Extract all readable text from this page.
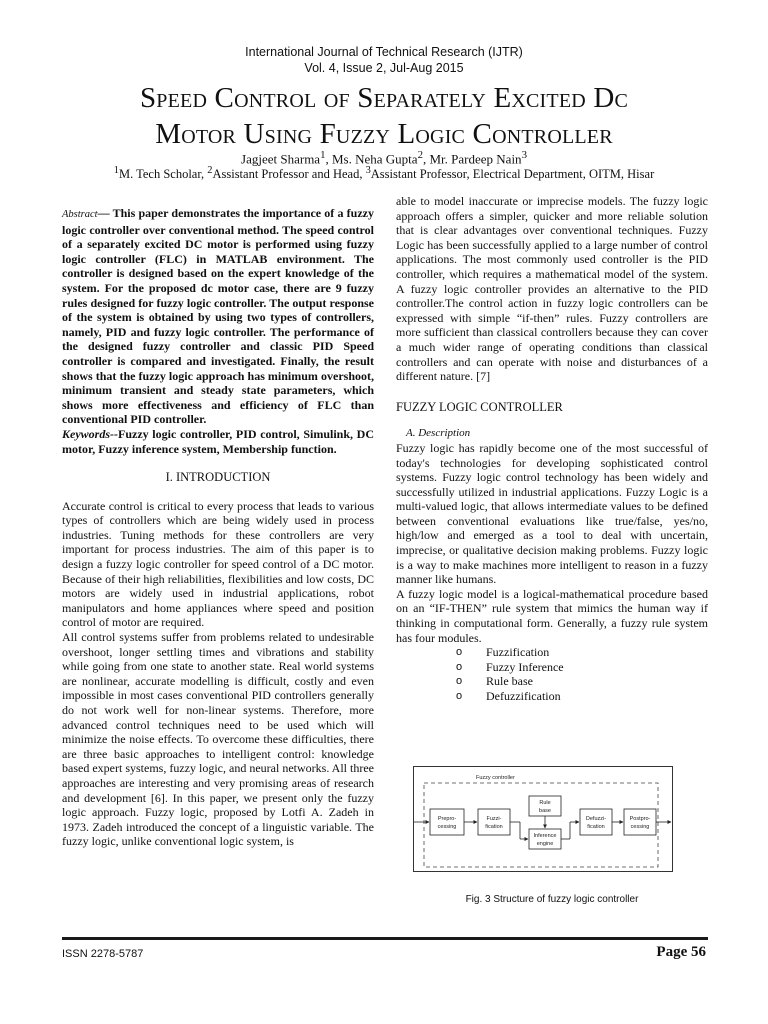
International Journal of Technical Research (IJTR)
Vol. 4, Issue 2, Jul-Aug 2015
Speed Control of Separately Excited Dc
Motor Using Fuzzy Logic Controller
Jagjeet Sharma$^1$, Ms. Neha Gupta$^2$, Mr. Pardeep Nain$^3$
$^1$M. Tech Scholar, $^2$Assistant Professor and Head, $^3$Assistant Professor, Electrical Department, OITM, Hisar

Abstract— This paper demonstrates the importance of a fuzzy logic controller over conventional method. The speed control of a separately excited DC motor is performed using fuzzy logic controller (FLC) in MATLAB environment. The controller is designed based on the expert knowledge of the system. For the proposed dc motor case, there are 9 fuzzy rules designed for fuzzy logic controller. The output response of the system is obtained by using two types of controllers, namely, PID and fuzzy logic controller. The performance of the designed fuzzy controller and classic PID Speed controller is compared and investigated. Finally, the result shows that the fuzzy logic approach has minimum overshoot, minimum transient and steady state parameters, which shows more effectiveness and efficiency of FLC than conventional PID controller.

Keywords--Fuzzy logic controller, PID control, Simulink, DC motor, Fuzzy inference system, Membership function.

I. INTRODUCTION

Accurate control is critical to every process that leads to various types of controllers which are being widely used in process industries. Tuning methods for these controllers are very important for process industries. The aim of this paper is to design a fuzzy logic controller for speed control of a DC motor. Because of their high reliabilities, flexibilities and low costs, DC motors are widely used in industrial applications, robot manipulators and home appliances where speed and position control of motor are required.

All control systems suffer from problems related to undesirable overshoot, longer settling times and vibrations and stability while going from one state to another state. Real world systems are nonlinear, accurate modelling is difficult, costly and even impossible in most cases conventional PID controllers generally do not work well for non-linear systems. Therefore, more advanced control techniques need to be used which will minimize the noise effects. To overcome these difficulties, there are three basic approaches to intelligent control: knowledge based expert systems, fuzzy logic, and neural networks. All three approaches are interesting and very promising areas of research and development [6]. In this paper, we present only the fuzzy logic approach. Fuzzy logic, proposed by Lotfi A. Zadeh in 1973. Zadeh introduced the concept of a linguistic variable. The fuzzy logic, unlike conventional logic system, is

able to model inaccurate or imprecise models. The fuzzy logic approach offers a simpler, quicker and more reliable solution that is clear advantages over conventional techniques. Fuzzy Logic has been successfully applied to a large number of control applications. The most commonly used controller is the PID controller, which requires a mathematical model of the system. A fuzzy logic controller provides an alternative to the PID controller.The control action in fuzzy logic controllers can be expressed with simple “if-then” rules. Fuzzy controllers are more sufficient than classical controllers because they can cover a much wider range of operating conditions than classical controllers and can operate with noise and disturbances of a different nature. [7]

FUZZY LOGIC CONTROLLER

A. Description

Fuzzy logic has rapidly become one of the most successful of today's technologies for developing sophisticated control systems. Fuzzy logic control technology has been widely and successfully utilized in industrial applications. Fuzzy Logic is a multi-valued logic, that allows intermediate values to be defined between conventional evaluations like true/false, yes/no, high/low and emerged as a tool to deal with uncertain, imprecise, or qualitative decision making problems. Fuzzy logic is a way to make machines more intelligent to reason in a fuzzy manner like humans.

A fuzzy logic model is a logical-mathematical procedure based on an “IF-THEN” rule system that mimics the human way if thinking in computational form. Generally, a fuzzy rule system has four modules.

o Fuzzification
o Fuzzy Inference
o Rule base
o Defuzzification
Fuzzy controller
Prepro-
cessing
Fuzzi-
fication
Rule
base
Inference
engine
Defuzzi-
fication
Postpro-
cessing
Fig. 3 Structure of fuzzy logic controller
ISSN 2278-5787	Page 56
